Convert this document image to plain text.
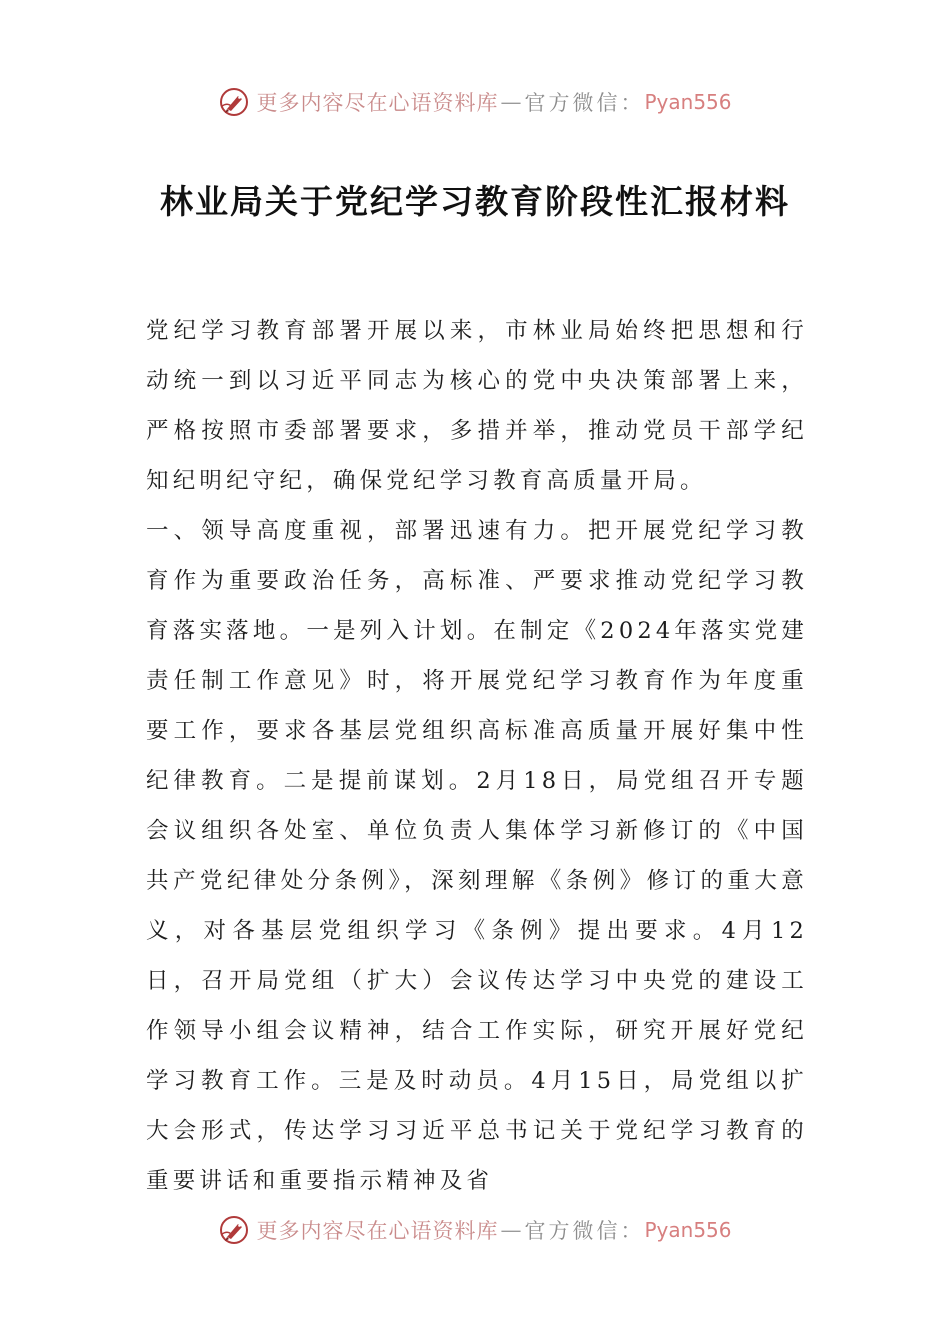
更多内容尽在心语资料库 — 官方微信： Pyan556
林业局关于党纪学习教育阶段性汇报材料

党纪学习教育部署开展以来，市林业局始终把思想和行动统一到以习近平同志为核心的党中央决策部署上来，严格按照市委部署要求，多措并举，推动党员干部学纪知纪明纪守纪，确保党纪学习教育高质量开局。

一、领导高度重视，部署迅速有力。把开展党纪学习教育作为重要政治任务，高标准、严要求推动党纪学习教育落实落地。一是列入计划。在制定《2024年落实党建责任制工作意见》时，将开展党纪学习教育作为年度重要工作，要求各基层党组织高标准高质量开展好集中性纪律教育。二是提前谋划。2月18日，局党组召开专题会议组织各处室、单位负责人集体学习新修订的《中国共产党纪律处分条例》，深刻理解《条例》修订的重大意义，对各基层党组织学习《条例》提出要求。4月12日，召开局党组（扩大）会议传达学习中央党的建设工作领导小组会议精神，结合工作实际，研究开展好党纪学习教育工作。三是及时动员。4月15日，局党组以扩大会形式，传达学习习近平总书记关于党纪学习教育的重要讲话和重要指示精神及省

更多内容尽在心语资料库 — 官方微信： Pyan556
